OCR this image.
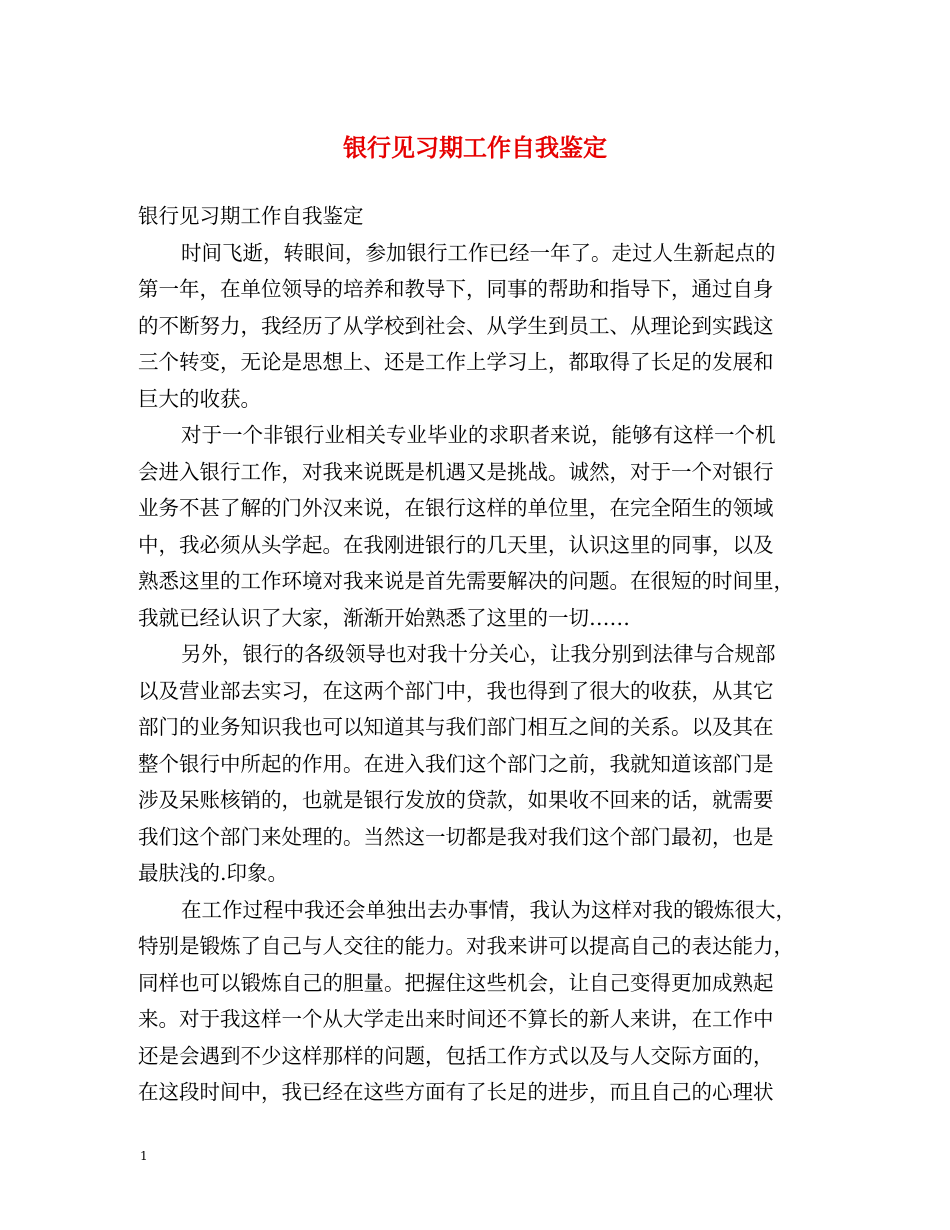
银行见习期工作自我鉴定
银行见习期工作自我鉴定
时间飞逝，转眼间，参加银行工作已经一年了。走过人生新起点的
第一年，在单位领导的培养和教导下，同事的帮助和指导下，通过自身
的不断努力，我经历了从学校到社会、从学生到员工、从理论到实践这
三个转变，无论是思想上、还是工作上学习上，都取得了长足的发展和
巨大的收获。
对于一个非银行业相关专业毕业的求职者来说，能够有这样一个机
会进入银行工作，对我来说既是机遇又是挑战。诚然，对于一个对银行
业务不甚了解的门外汉来说，在银行这样的单位里，在完全陌生的领域
中，我必须从头学起。在我刚进银行的几天里，认识这里的同事，以及
熟悉这里的工作环境对我来说是首先需要解决的问题。在很短的时间里，
我就已经认识了大家，渐渐开始熟悉了这里的一切……
另外，银行的各级领导也对我十分关心，让我分别到法律与合规部
以及营业部去实习，在这两个部门中，我也得到了很大的收获，从其它
部门的业务知识我也可以知道其与我们部门相互之间的关系。以及其在
整个银行中所起的作用。在进入我们这个部门之前，我就知道该部门是
涉及呆账核销的，也就是银行发放的贷款，如果收不回来的话，就需要
我们这个部门来处理的。当然这一切都是我对我们这个部门最初，也是
最肤浅的.印象。
在工作过程中我还会单独出去办事情，我认为这样对我的锻炼很大，
特别是锻炼了自己与人交往的能力。对我来讲可以提高自己的表达能力，
同样也可以锻炼自己的胆量。把握住这些机会，让自己变得更加成熟起
来。对于我这样一个从大学走出来时间还不算长的新人来讲，在工作中
还是会遇到不少这样那样的问题，包括工作方式以及与人交际方面的，
在这段时间中，我已经在这些方面有了长足的进步，而且自己的心理状
1
